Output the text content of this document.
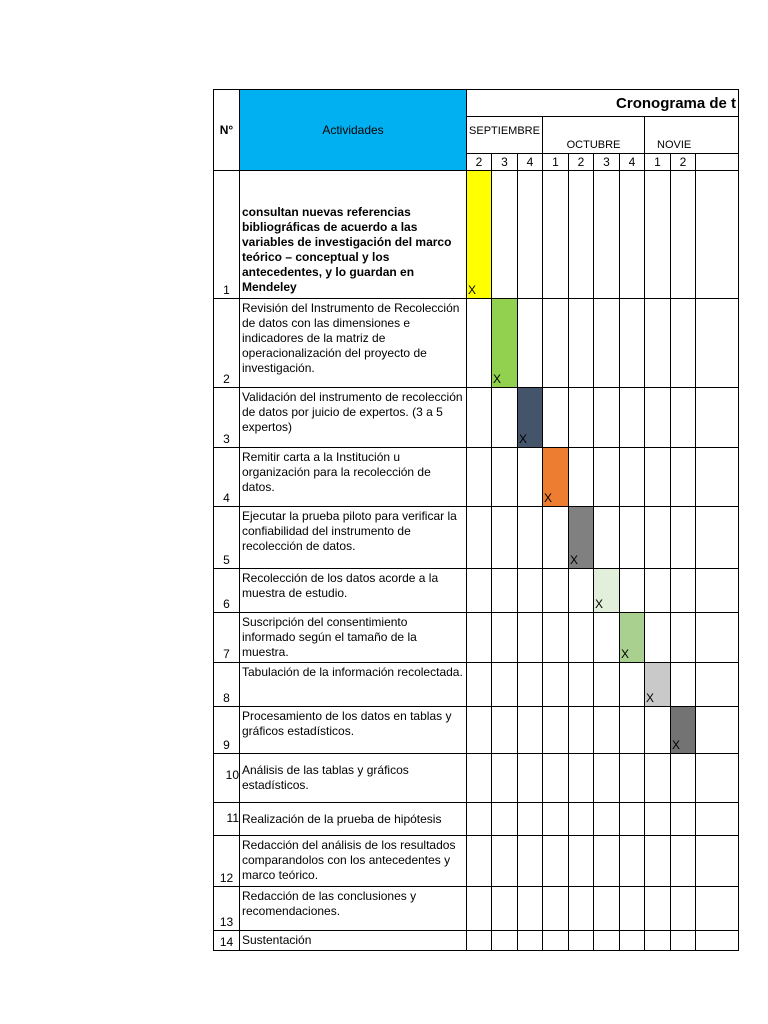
N°	Actividades	Cronograma de t									
		SEPTIEMBRE			OCTUBRE				NOVIE		
		2	3	4	1	2	3	4	1	2	
1	consultan nuevas referencias bibliográficas de acuerdo a las variables de investigación del marco teórico – conceptual y los antecedentes, y lo guardan en Mendeley	X									
2	Revisión del Instrumento de Recolección de datos con las dimensiones e indicadores de la matriz de operacionalización del proyecto de investigación.		X								
3	Validación del instrumento de recolección de datos por juicio de expertos. (3 a 5 expertos)			X							
4	Remitir carta a la Institución u organización para la recolección de datos.				X						
5	Ejecutar la prueba piloto para verificar la confiabilidad del instrumento de recolección de datos.					X					
6	Recolección de los datos acorde a la muestra de estudio.						X				
7	Suscripción del consentimiento informado según el tamaño de la muestra.							X			
8	Tabulación de la información recolectada.								X		
9	Procesamiento de los datos en tablas y gráficos estadísticos.									X	
10	Análisis de las tablas y gráficos estadísticos.										
11	Realización de la prueba de hipótesis										
12	Redacción del análisis de los resultados comparandolos con los antecedentes y marco teórico.										
13	Redacción de las conclusiones y recomendaciones.										
14	Sustentación										
